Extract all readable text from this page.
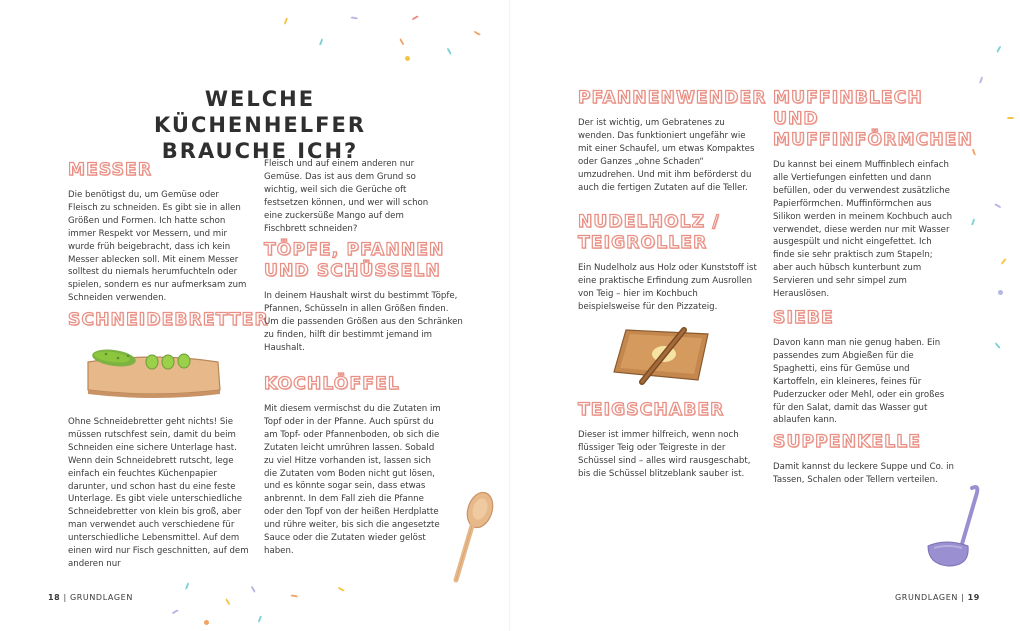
WELCHE KÜCHENHELFER BRAUCHE ICH?
MESSER

Die benötigst du, um Gemüse oder Fleisch zu schneiden. Es gibt sie in allen Größen und Formen. Ich hatte schon immer Respekt vor Messern, und mir wurde früh beigebracht, dass ich kein Messer ablecken soll. Mit einem Messer solltest du niemals herumfuchteln oder spielen, sondern es nur aufmerksam zum Schneiden verwenden.

SCHNEIDEBRETTER

Ohne Schneidebretter geht nichts! Sie müssen rutschfest sein, damit du beim Schneiden eine sichere Unterlage hast. Wenn dein Schneidebrett rutscht, lege einfach ein feuchtes Küchenpapier darunter, und schon hast du eine feste Unterlage. Es gibt viele unterschiedliche Schneidebretter von klein bis groß, aber man verwendet auch verschiedene für unterschiedliche Lebensmittel. Auf dem einen wird nur Fisch geschnitten, auf dem anderen nur

Fleisch und auf einem anderen nur Gemüse. Das ist aus dem Grund so wichtig, weil sich die Gerüche oft festsetzen können, und wer will schon eine zuckersüße Mango auf dem Fischbrett schneiden?

TÖPFE, PFANNEN UND SCHÜSSELN

In deinem Haushalt wirst du bestimmt Töpfe, Pfannen, Schüsseln in allen Größen finden. Um die passenden Größen aus den Schränken zu finden, hilft dir bestimmt jemand im Haushalt.

KOCHLÖFFEL

Mit diesem vermischst du die Zutaten im Topf oder in der Pfanne. Auch spürst du am Topf- oder Pfannenboden, ob sich die Zutaten leicht umrühren lassen. Sobald zu viel Hitze vorhanden ist, lassen sich die Zutaten vom Boden nicht gut lösen, und es könnte sogar sein, dass etwas anbrennt. In dem Fall zieh die Pfanne oder den Topf von der heißen Herdplatte und rühre weiter, bis sich die angesetzte Sauce oder die Zutaten wieder gelöst haben.

18 | GRUNDLAGEN
PFANNENWENDER

Der ist wichtig, um Gebratenes zu wenden. Das funktioniert ungefähr wie mit einer Schaufel, um etwas Kompaktes oder Ganzes „ohne Schaden“ umzudrehen. Und mit ihm beförderst du auch die fertigen Zutaten auf die Teller.

NUDELHOLZ / TEIGROLLER

Ein Nudelholz aus Holz oder Kunststoff ist eine praktische Erfindung zum Ausrollen von Teig – hier im Kochbuch beispielsweise für den Pizzateig.

TEIGSCHABER

Dieser ist immer hilfreich, wenn noch flüssiger Teig oder Teigreste in der Schüssel sind – alles wird rausgeschabt, bis die Schüssel blitzeblank sauber ist.

MUFFINBLECH UND MUFFINFÖRMCHEN

Du kannst bei einem Muffinblech einfach alle Vertiefungen einfetten und dann befüllen, oder du verwendest zusätzliche Papierförmchen. Muffinförmchen aus Silikon werden in meinem Kochbuch auch verwendet, diese werden nur mit Wasser ausgespült und nicht eingefettet. Ich finde sie sehr praktisch zum Stapeln; aber auch hübsch kunterbunt zum Servieren und sehr simpel zum Herauslösen.

SIEBE

Davon kann man nie genug haben. Ein passendes zum Abgießen für die Spaghetti, eins für Gemüse und Kartoffeln, ein kleineres, feines für Puderzucker oder Mehl, oder ein großes für den Salat, damit das Wasser gut ablaufen kann.

SUPPENKELLE

Damit kannst du leckere Suppe und Co. in Tassen, Schalen oder Tellern verteilen.

GRUNDLAGEN | 19
